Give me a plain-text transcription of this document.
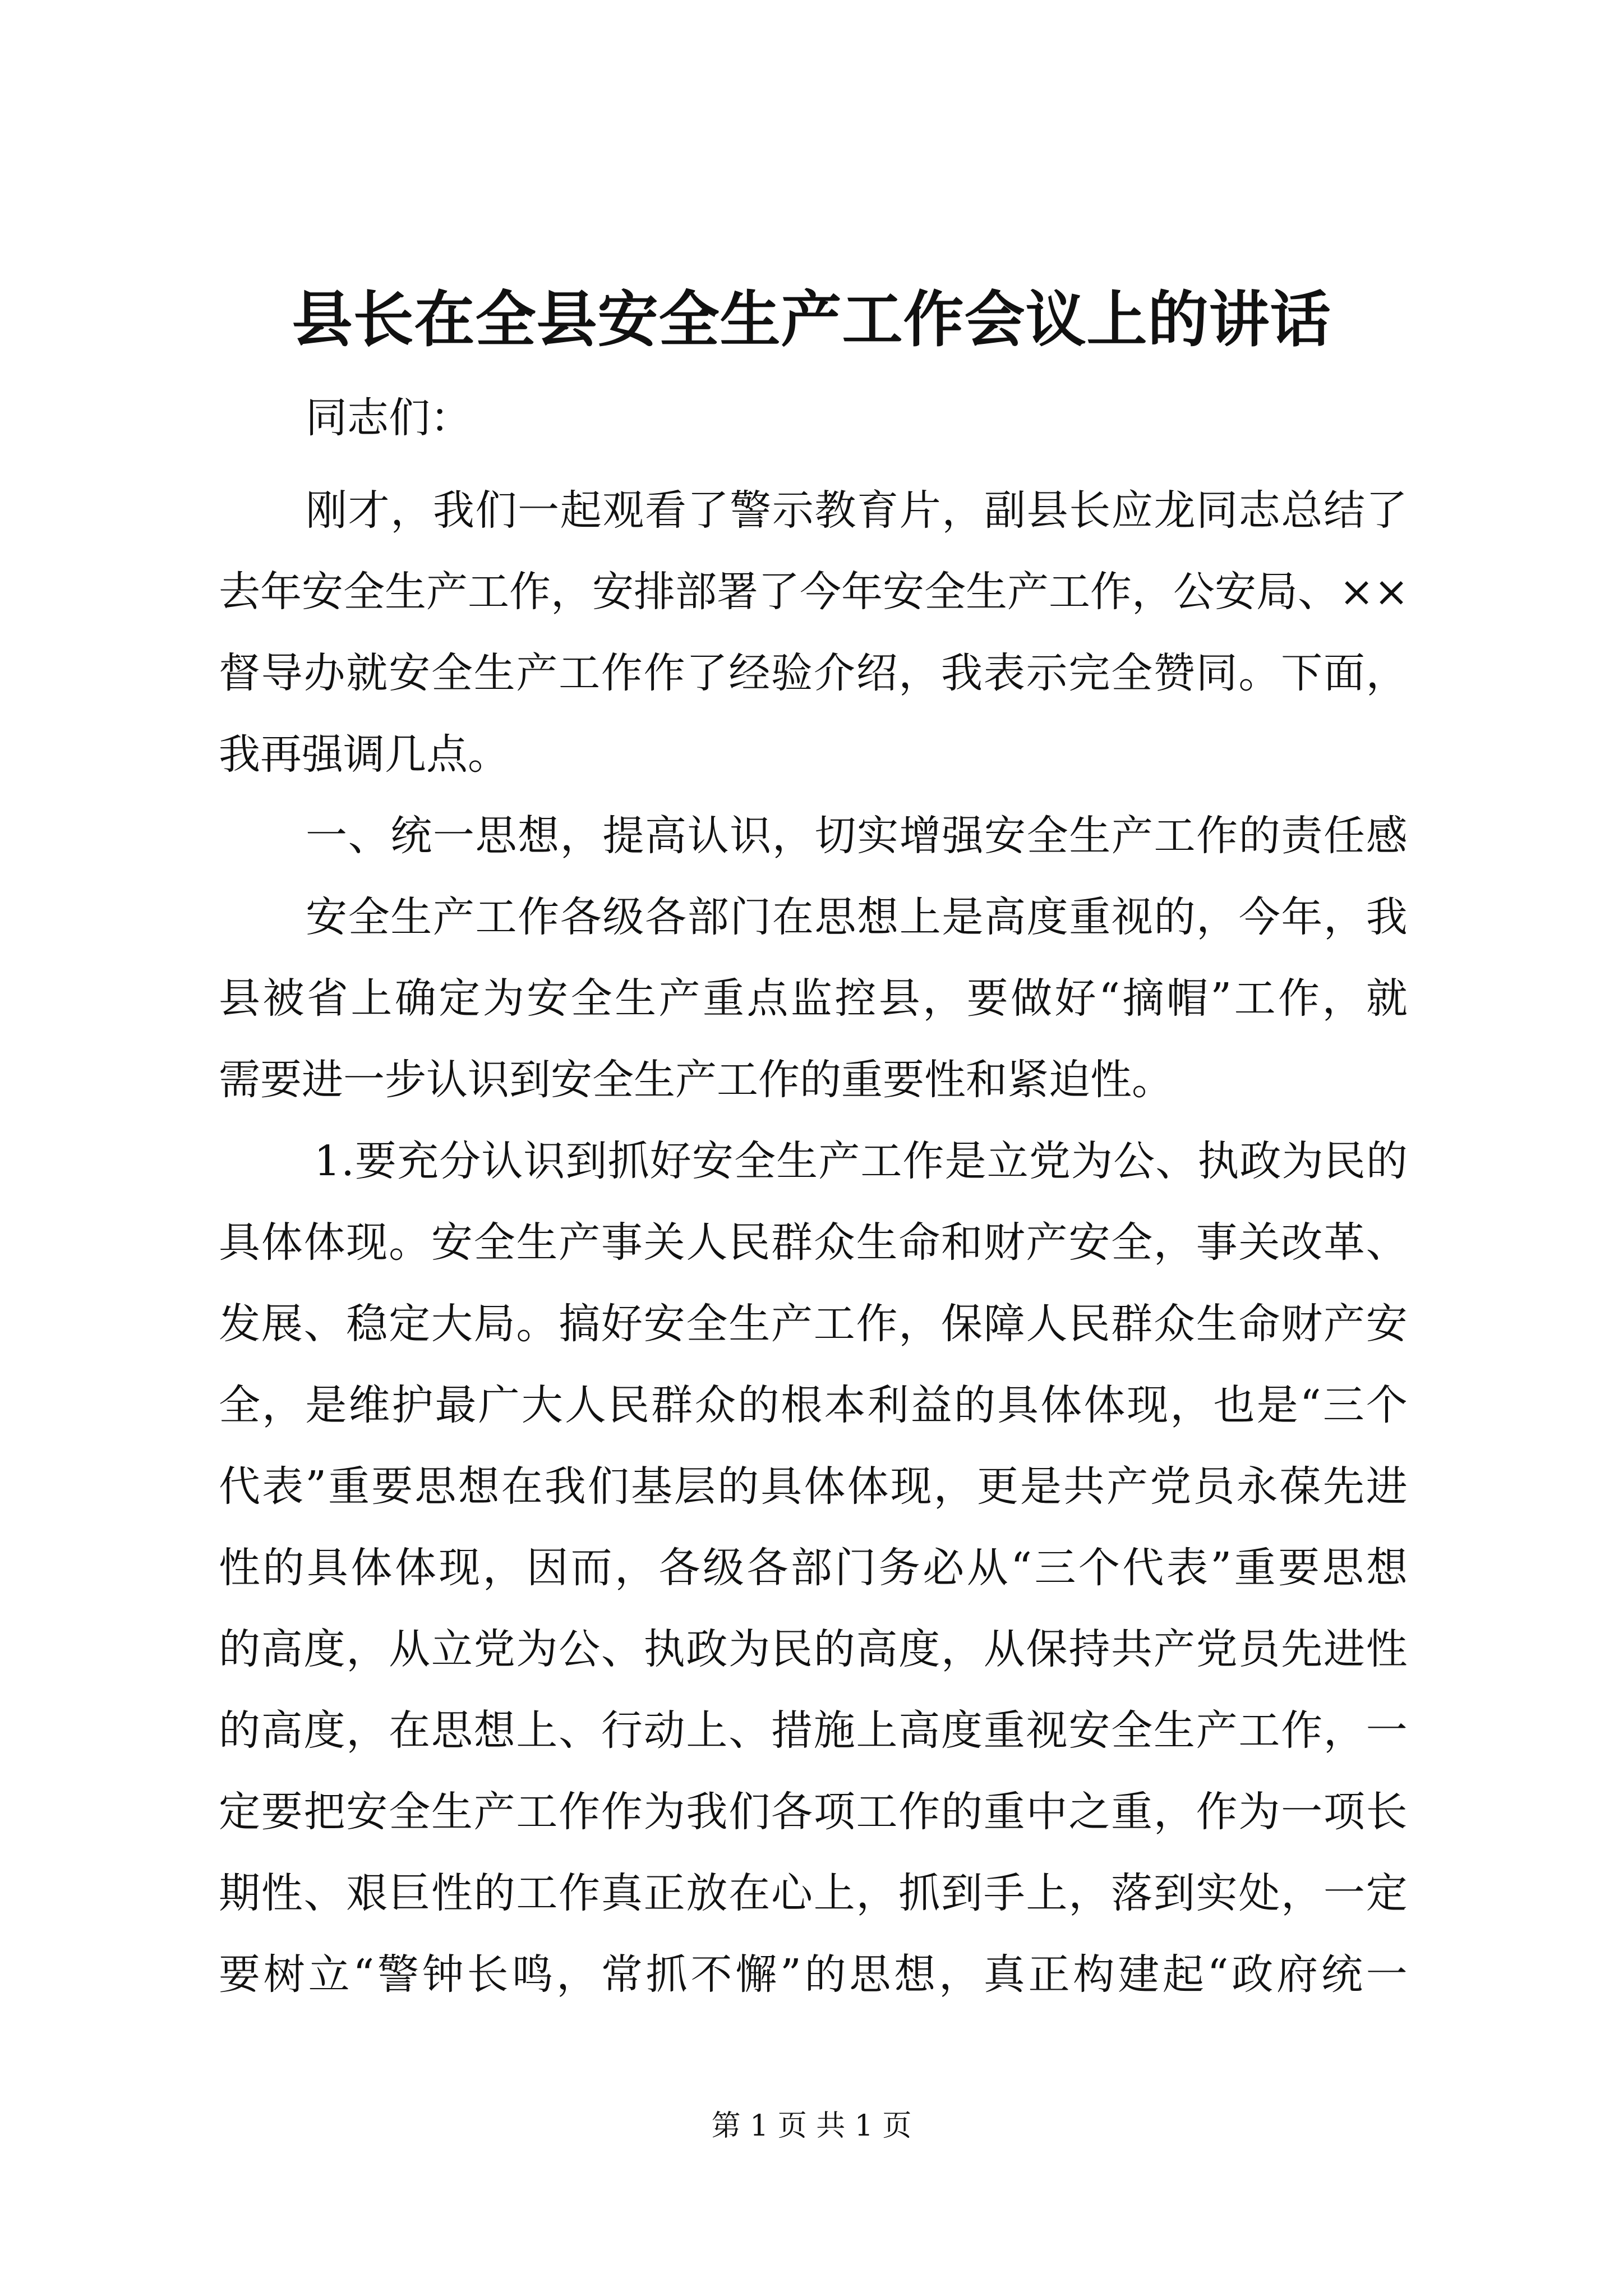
县长在全县安全生产工作会议上的讲话
同志们：
刚 才 ， 我 们 一 起 观 看 了 警 示 教 育 片 ， 副 县 长 应 龙 同 志 总 结 了
去 年 安 全 生 产 工 作 ， 安 排 部 署 了 今 年 安 全 生 产 工 作 ， 公 安 局 、 × ×
督 导 办 就 安 全 生 产 工 作 作 了 经 验 介 绍 ， 我 表 示 完 全 赞 同 。 下 面 ，
我再强调几点。
一 、 统 一 思 想 ， 提 高 认 识 ， 切 实 增 强 安 全 生 产 工 作 的 责 任 感
安 全 生 产 工 作 各 级 各 部 门 在 思 想 上 是 高 度 重 视 的 ， 今 年 ， 我
县 被 省 上 确 定 为 安 全 生 产 重 点 监 控 县 ， 要 做 好 “ 摘 帽 ” 工 作 ， 就
需要进一步认识到安全生产工作的重要性和紧迫性。
1 . 要 充 分 认 识 到 抓 好 安 全 生 产 工 作 是 立 党 为 公 、 执 政 为 民 的
具 体 体 现 。 安 全 生 产 事 关 人 民 群 众 生 命 和 财 产 安 全 ， 事 关 改 革 、
发 展 、 稳 定 大 局 。 搞 好 安 全 生 产 工 作 ， 保 障 人 民 群 众 生 命 财 产 安
全 ， 是 维 护 最 广 大 人 民 群 众 的 根 本 利 益 的 具 体 体 现 ， 也 是 “ 三 个
代 表 ” 重 要 思 想 在 我 们 基 层 的 具 体 体 现 ， 更 是 共 产 党 员 永 葆 先 进
性 的 具 体 体 现 ， 因 而 ， 各 级 各 部 门 务 必 从 “ 三 个 代 表 ” 重 要 思 想
的 高 度 ， 从 立 党 为 公 、 执 政 为 民 的 高 度 ， 从 保 持 共 产 党 员 先 进 性
的 高 度 ， 在 思 想 上 、 行 动 上 、 措 施 上 高 度 重 视 安 全 生 产 工 作 ， 一
定 要 把 安 全 生 产 工 作 作 为 我 们 各 项 工 作 的 重 中 之 重 ， 作 为 一 项 长
期 性 、 艰 巨 性 的 工 作 真 正 放 在 心 上 ， 抓 到 手 上 ， 落 到 实 处 ， 一 定
要 树 立 “ 警 钟 长 鸣 ， 常 抓 不 懈 ” 的 思 想 ， 真 正 构 建 起 “ 政 府 统 一
第 1 页 共 1 页
